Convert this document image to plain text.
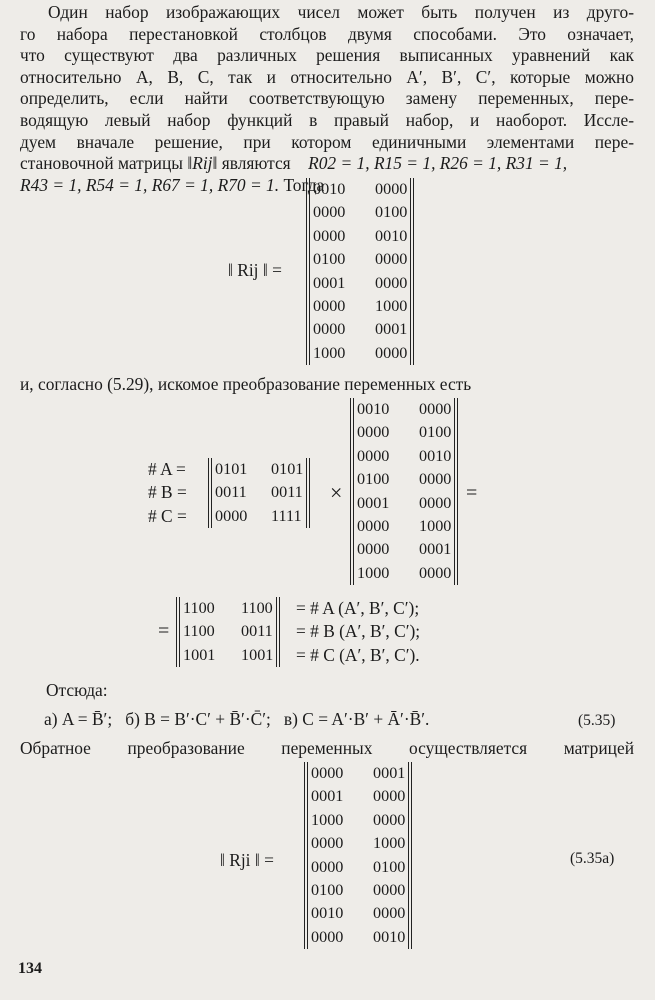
Один набор изображающих чисел может быть получен из друго-
го набора перестановкой столбцов двумя способами. Это означает,
что существуют два различных решения выписанных уравнений как
относительно A, B, C, так и относительно A′, B′, C′, которые можно
определить, если найти соответствующую замену переменных, пере-
водящую левый набор функций в правый набор, и наоборот. Иссле-
дуем вначале решение, при котором единичными элементами пере-
становочной матрицы ‖Rij‖ являются R02 = 1, R15 = 1, R26 = 1, R31 = 1,
R43 = 1, R54 = 1, R67 = 1, R70 = 1. Тогда
‖ Rij ‖ =
0010 0000
0000 0100
0000 0010
0100 0000
0001 0000
0000 1000
0000 0001
1000 0000
и, согласно (5.29), искомое преобразование переменных есть
# A =
# B =
# C =
0101 0101
0011 0011
0000 1111
×
0010 0000
0000 0100
0000 0010
0100 0000
0001 0000
0000 1000
0000 0001
1000 0000
=
=
1100 1100
1100 0011
1001 1001
= # A (A′, B′, C′);
= # B (A′, B′, C′);
= # C (A′, B′, C′).
Отсюда:
а) A = B̄′; б) B = B′·C′ + B̄′·C̄′; в) C = A′·B′ + Ā′·B̄′.	(5.35)
Обратное преобразование переменных осуществляется матрицей
‖ Rji ‖ =
0000 0001
0001 0000
1000 0000
0000 1000
0000 0100
0100 0000
0010 0000
0000 0010
(5.35а)
134
